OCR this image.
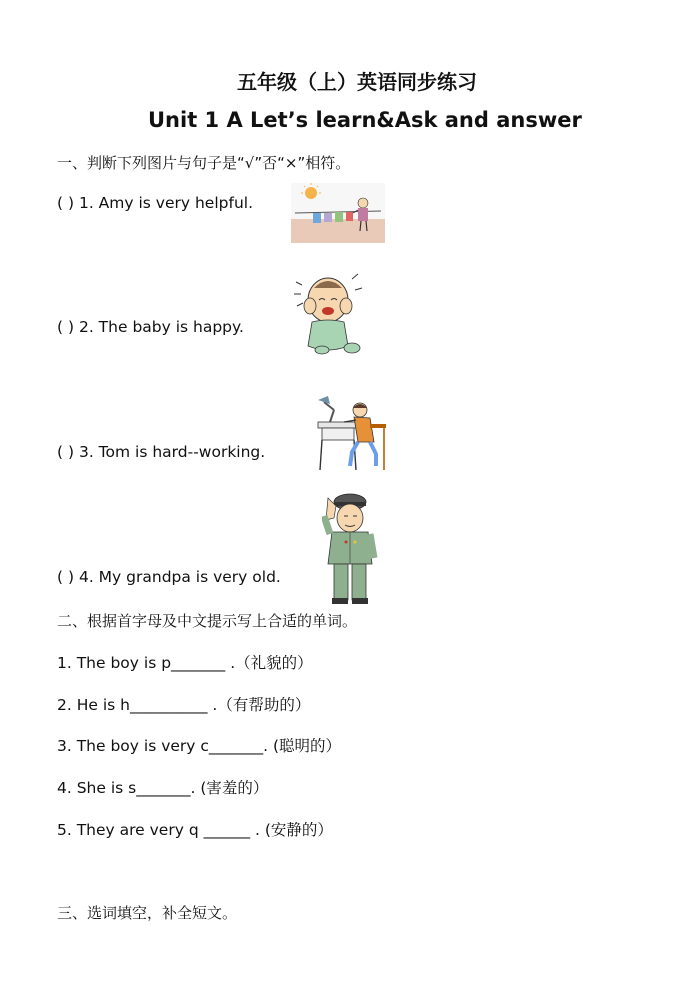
五年级（上）英语同步练习
Unit 1 A Let’s learn&Ask and answer
一、判断下列图片与句子是“√”否“×”相符。
( ) 1. Amy is very helpful.
( ) 2. The baby is happy.
( ) 3. Tom is hard--working.
( ) 4. My grandpa is very old.
二、根据首字母及中文提示写上合适的单词。
1. The boy is p_______ .（礼貌的）
2. He is h__________ .（有帮助的）
3. The boy is very c_______. (聪明的）
4. She is s_______. (害羞的）
5. They are very q ______ . (安静的）
三、选词填空，补全短文。
